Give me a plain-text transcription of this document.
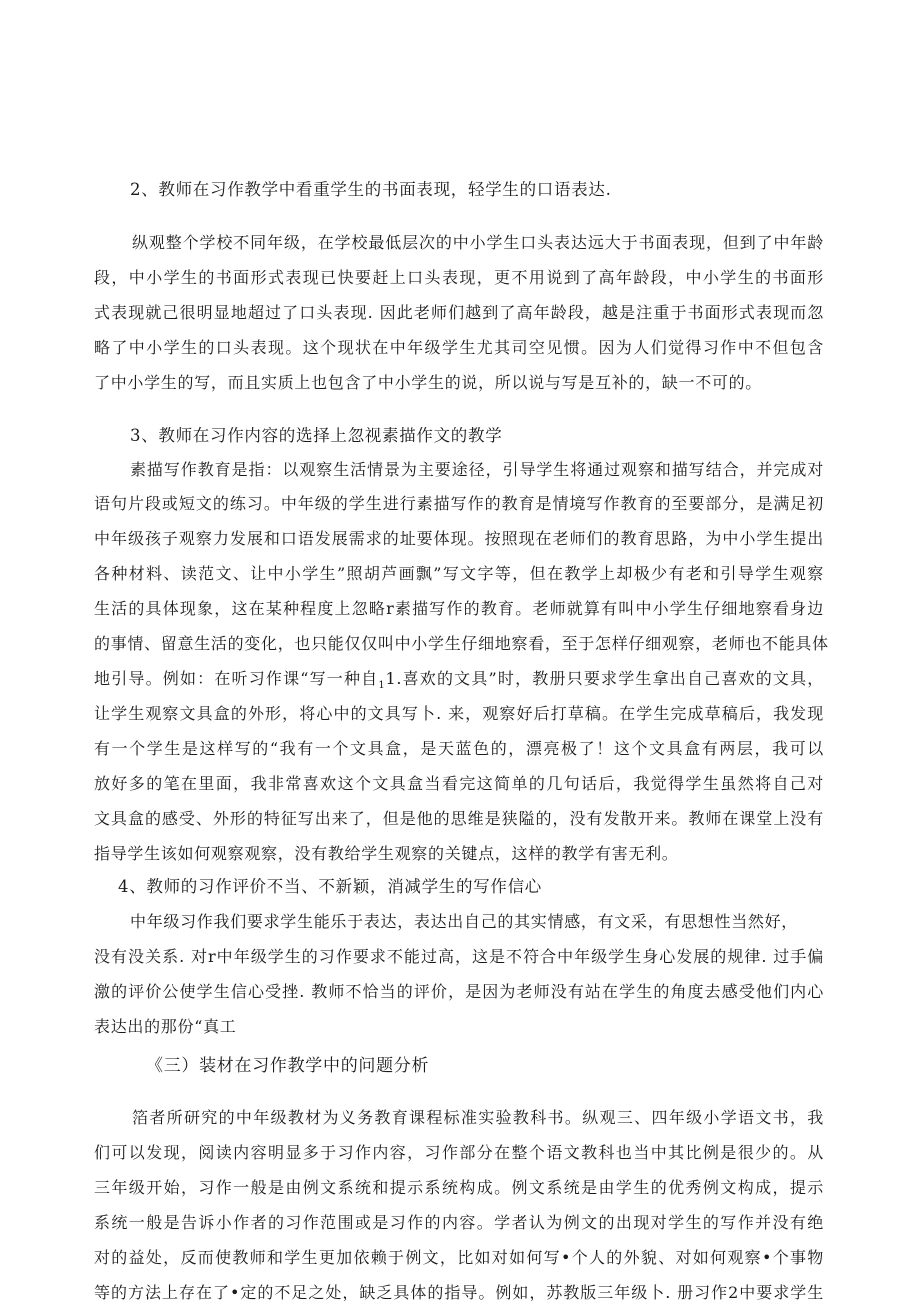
2、教师在习作教学中看重学生的书面表现，轻学生的口语表达.
纵观整个学校不同年级，在学校最低层次的中小学生口头表达远大于书面表现，但到了中年龄
段，中小学生的书面形式表现已快要赶上口头表现，更不用说到了高年龄段，中小学生的书面形
式表现就己很明显地超过了口头表现. 因此老师们越到了高年龄段，越是注重于书面形式表现而忽
略了中小学生的口头表现。这个现状在中年级学生尤其司空见惯。因为人们觉得习作中不但包含
了中小学生的写，而且实质上也包含了中小学生的说，所以说与写是互补的，缺一不可的。
3、教师在习作内容的选择上忽视素描作文的教学
素描写作教育是指：以观察生活情景为主要途径，引导学生将通过观察和描写结合，并完成对
语句片段或短文的练习。中年级的学生进行素描写作的教育是情境写作教育的至要部分，是满足初
中年级孩子观察力发展和口语发展需求的址要体现。按照现在老师们的教育思路，为中小学生提出
各种材料、读范文、让中小学生”照胡芦画飘”写文字等，但在教学上却极少有老和引导学生观察
生活的具体现象，这在某种程度上忽略r素描写作的教育。老师就算有叫中小学生仔细地察看身边
的事情、留意生活的变化，也只能仅仅叫中小学生仔细地察看，至于怎样仔细观察，老师也不能具体
地引导。例如：在听习作课“写一种自$_1$1.喜欢的文具”时，教册只要求学生拿出自己喜欢的文具，
让学生观察文具盒的外形，将心中的文具写卜. 来，观察好后打草稿。在学生完成草稿后，我发现
有一个学生是这样写的“我有一个文具盒，是天蓝色的，漂亮极了！这个文具盒有两层，我可以
放好多的笔在里面，我非常喜欢这个文具盒当看完这简单的几句话后，我觉得学生虽然将自己对
文具盒的感受、外形的特征写出来了，但是他的思维是狭隘的，没有发散开来。教师在课堂上没有
指导学生该如何观察观察，没有教给学生观察的关键点，这样的教学有害无利。
4、教师的习作评价不当、不新颖，消减学生的写作信心
中年级习作我们要求学生能乐于表达，表达出自己的其实情感，有文采，有思想性当然好，
没有没关系. 对r中年级学生的习作要求不能过高，这是不符合中年级学生身心发展的规律. 过手偏
激的评价公使学生信心受挫. 教师不恰当的评价，是因为老师没有站在学生的角度去感受他们内心
表达出的那份“真工
《三）装材在习作教学中的问题分析
箔者所研究的中年级教材为义务教育课程标准实验教科书。纵观三、四年级小学语文书，我
们可以发现，阅读内容明显多于习作内容，习作部分在整个语文教科也当中其比例是很少的。从
三年级开始，习作一般是由例文系统和提示系统构成。例文系统是由学生的优秀例文构成，提示
系统一般是告诉小作者的习作范围或是习作的内容。学者认为例文的出现对学生的写作并没有绝
对的益处，反而使教师和学生更加依赖于例文，比如对如何写•个人的外貌、对如何观察•个事物
等的方法上存在了•定的不足之处，缺乏具体的指导。例如，苏教版三年级卜. 册习作2中要求学生
